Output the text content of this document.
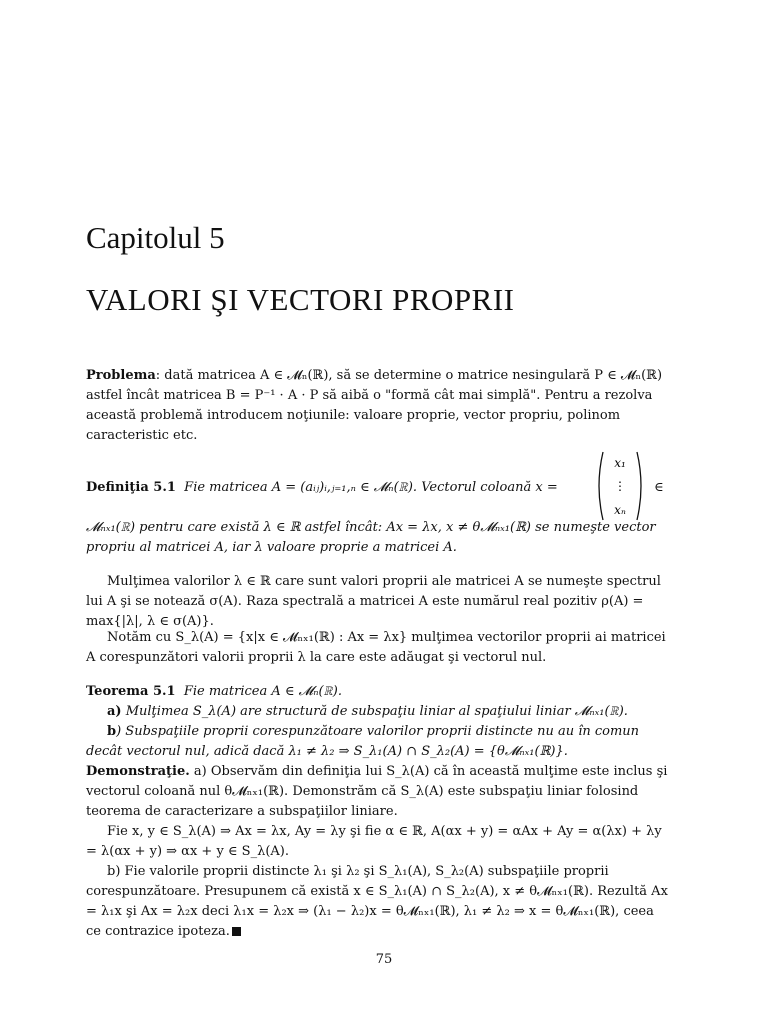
Capitolul 5
VALORI ŞI VECTORI PROPRII

Problema: dată matricea A ∈ 𝓜ₙ(ℝ), să se determine o matrice nesingulară P ∈ 𝓜ₙ(ℝ) astfel încât matricea B = P⁻¹ · A · P să aibă o "formă cât mai simplă". Pentru a rezolva această problemă introducem noţiunile: valoare proprie, vector propriu, polinom caracteristic etc.

Definiţia 5.1 Fie matricea A = (aᵢⱼ)ᵢ,ⱼ₌₁,ₙ ∈ 𝓜ₙ(ℝ). Vectorul coloană x =

x₁
⋮
xₙ
∈

𝓜ₙₓ₁(ℝ) pentru care există λ ∈ ℝ astfel încât: Ax = λx, x ≠ θ𝓜ₙₓ₁(ℝ) se numeşte vector propriu al matricei A, iar λ valoare proprie a matricei A.

Mulţimea valorilor λ ∈ ℝ care sunt valori proprii ale matricei A se numeşte spectrul lui A şi se notează σ(A). Raza spectrală a matricei A este numărul real pozitiv ρ(A) = max{|λ|, λ ∈ σ(A)}.

Notăm cu S_λ(A) = {x|x ∈ 𝓜ₙₓ₁(ℝ) : Ax = λx} mulţimea vectorilor proprii ai matricei A corespunzători valorii proprii λ la care este adăugat şi vectorul nul.

Teorema 5.1 Fie matricea A ∈ 𝓜ₙ(ℝ).

a) Mulţimea S_λ(A) are structură de subspaţiu liniar al spaţiului liniar 𝓜ₙₓ₁(ℝ).

b) Subspaţiile proprii corespunzătoare valorilor proprii distincte nu au în comun decât vectorul nul, adică dacă λ₁ ≠ λ₂ ⇒ S_λ₁(A) ∩ S_λ₂(A) = {θ𝓜ₙₓ₁(ℝ)}.

Demonstraţie. a) Observăm din definiţia lui S_λ(A) că în această mulţime este inclus şi vectorul coloană nul θ𝓜ₙₓ₁(ℝ). Demonstrăm că S_λ(A) este subspaţiu liniar folosind teorema de caracterizare a subspaţiilor liniare.

Fie x, y ∈ S_λ(A) ⇒ Ax = λx, Ay = λy şi fie α ∈ ℝ, A(αx + y) = αAx + Ay = α(λx) + λy = λ(αx + y) ⇒ αx + y ∈ S_λ(A).

b) Fie valorile proprii distincte λ₁ şi λ₂ şi S_λ₁(A), S_λ₂(A) subspaţiile proprii corespunzătoare. Presupunem că există x ∈ S_λ₁(A) ∩ S_λ₂(A), x ≠ θ𝓜ₙₓ₁(ℝ). Rezultă Ax = λ₁x şi Ax = λ₂x deci λ₁x = λ₂x ⇒ (λ₁ − λ₂)x = θ𝓜ₙₓ₁(ℝ), λ₁ ≠ λ₂ ⇒ x = θ𝓜ₙₓ₁(ℝ), ceea ce contrazice ipoteza.

75
